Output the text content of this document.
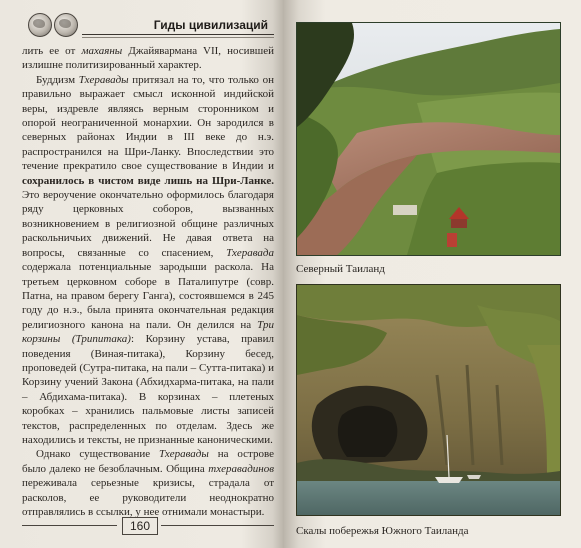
Гиды цивилизаций

лить ее от махаяны Джайяварманa VII, носившей излишне политизированный характер.

Буддизм Тхеравады притязал на то, что только он правильно выражает смысл исконной индийской веры, издревле являясь верным сторонником и опорой неограниченной монархии. Он зародился в северных районах Индии в III веке до н.э. распространился на Шри-Ланку. Впоследствии это течение прекратило свое существование в Индии и сохранилось в чистом виде лишь на Шри-Ланке. Это вероучение окончательно оформилось благодаря ряду церковных соборов, вызванных возникновением в религиозной общине различных раскольничьих движений. Не давая ответа на вопросы, связанные со спасением, Тхеравада содержала потенциальные зародыши раскола. На третьем церковном соборе в Паталипутре (совр. Патна, на правом берегу Ганга), состоявшемся в 245 году до н.э., была принята окончательная редакция религиозного канона на пали. Он делился на Три корзины (Трипитака): Корзину устава, правил поведения (Виная-питака), Корзину бесед, проповедей (Сутра-питака, на пали – Сутта-питака) и Корзину учений Закона (Абхидхарма-питака, на пали – Абдихама-питака). В корзинах – плетеных коробках – хранились пальмовые листы записей текстов, распределенных по отделам. Здесь же находились и тексты, не признанные каноническими.

Однако существование Тхеравады на острове было далеко не безоблачным. Община тхеравадинов переживала серьезные кризисы, страдала от расколов, ее руководители неоднократно отправлялись в ссылки, у нее отнимали монастыри.

160
Северный Таиланд
Скалы побережья Южного Таиланда
